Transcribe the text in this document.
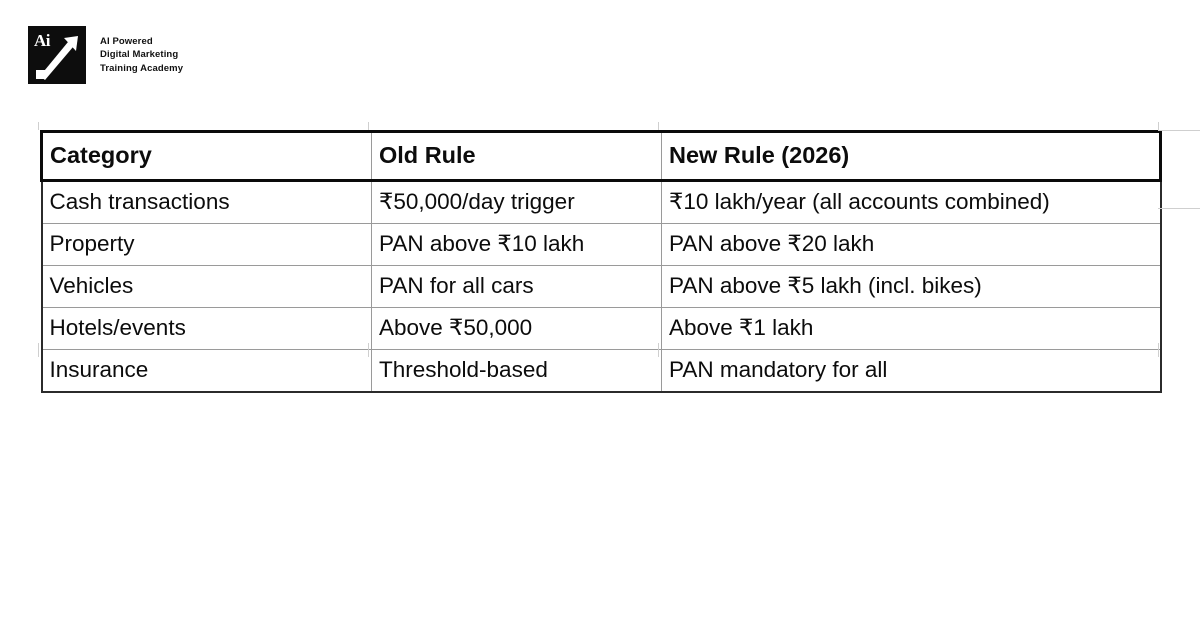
Ai	AI Powered
Digital Marketing
Training Academy
Category	Old Rule	New Rule (2026)
Cash transactions	₹50,000/day trigger	₹10 lakh/year (all accounts combined)
Property	PAN above ₹10 lakh	PAN above ₹20 lakh
Vehicles	PAN for all cars	PAN above ₹5 lakh (incl. bikes)
Hotels/events	Above ₹50,000	Above ₹1 lakh
Insurance	Threshold-based	PAN mandatory for all
